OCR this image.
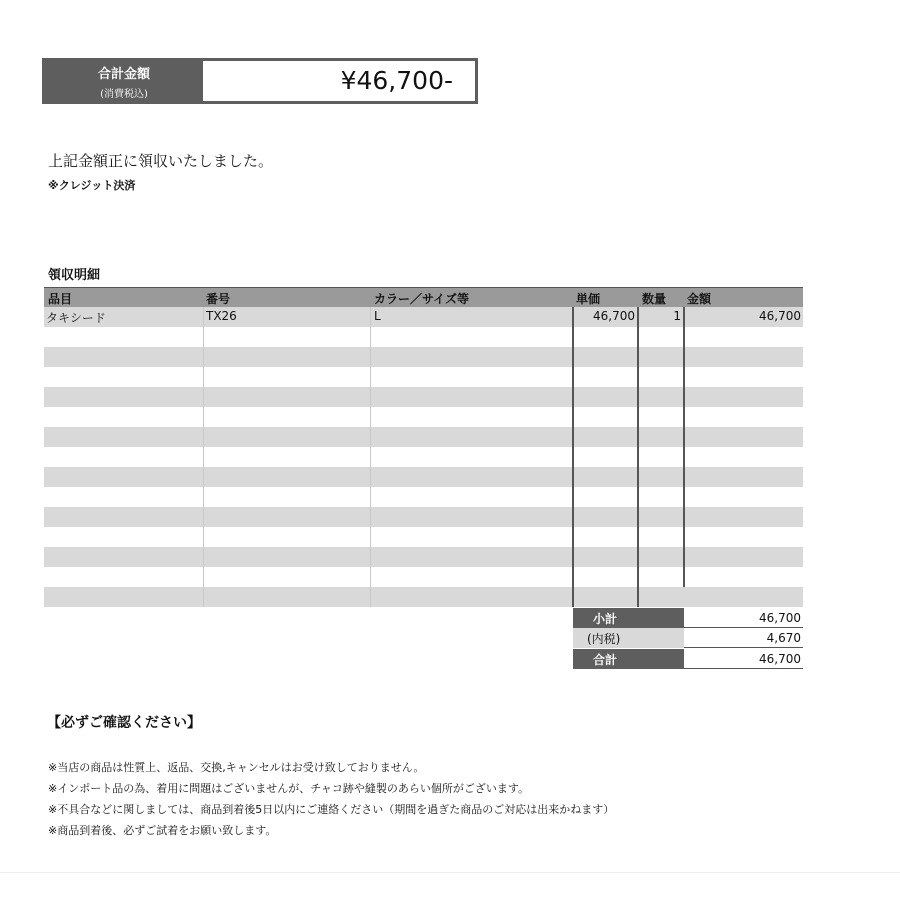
合計金額
(消費税込)	¥46,700-
上記金額正に領収いたしました。
※クレジット決済
領収明細
品目	番号	カラー／サイズ等	単価	数量 金額
タキシード	TX26	L	46,700	1	46,700
小計	46,700
(内税)	4,670
合計	46,700
【必ずご確認ください】
※当店の商品は性質上、返品、交換,キャンセルはお受け致しておりません。
※インポート品の為、着用に問題はございませんが、チャコ跡や縫製のあらい個所がございます。
※不具合などに関しましては、商品到着後5日以内にご連絡ください（期間を過ぎた商品のご対応は出来かねます）
※商品到着後、必ずご試着をお願い致します。
